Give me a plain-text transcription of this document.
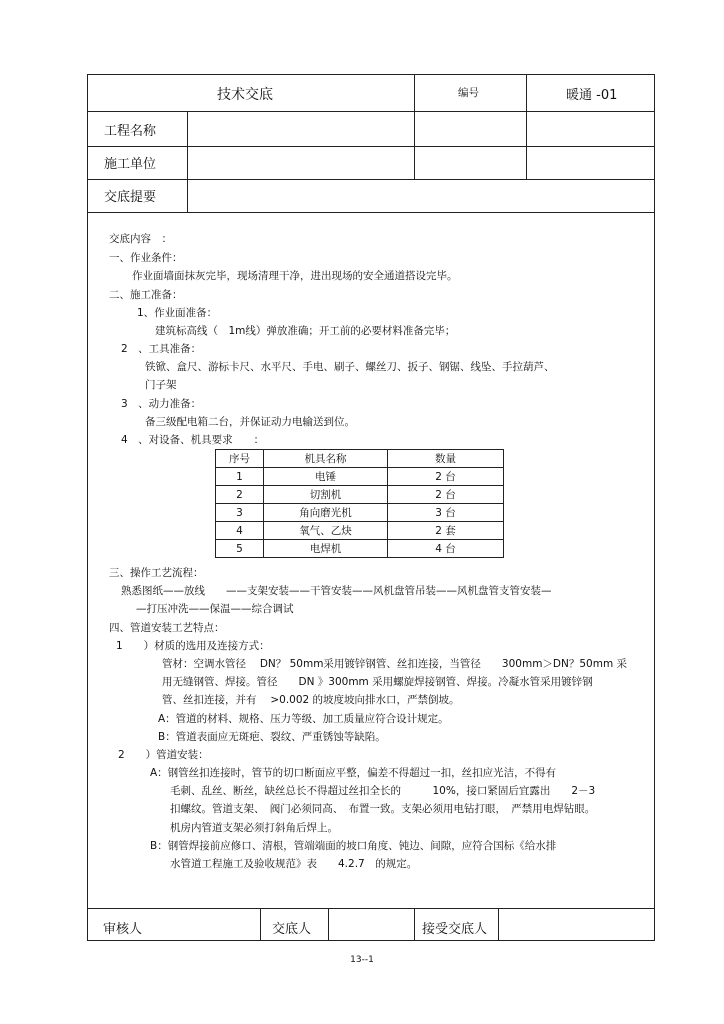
技术交底	编号	暖通 -01
工程名称
施工单位
交底提要
交底内容　：
一、作业条件：
作业面墙面抹灰完毕，现场清理干净，进出现场的安全通道搭设完毕。
二、施工准备：
1、作业面准备：
建筑标高线（　1m线）弹放准确；开工前的必要材料准备完毕；
2　、工具准备：
铁锨、盒尺、游标卡尺、水平尺、手电、刷子、螺丝刀、扳子、钢锯、线坠、手拉葫芦、
门子架
3　、动力准备：
备三级配电箱二台，并保证动力电输送到位。
4　、对设备、机具要求　　：
序号	机具名称	数量
1	电锤	2 台
2	切割机	2 台
3	角向磨光机	3 台
4	氧气、乙炔	2 套
5	电焊机	4 台
三、操作工艺流程：
熟悉图纸——放线　　——支架安装——干管安装——风机盘管吊装——风机盘管支管安装—
—打压冲洗——保温——综合调试
四、管道安装工艺特点：
1　　）材质的选用及连接方式：
管材：空调水管径　 DN？ 50mm采用镀锌钢管、丝扣连接，当管径　　300mm＞DN？50mm 采
用无缝钢管、焊接。管径　　DN 》300mm 采用螺旋焊接钢管、焊接。冷凝水管采用镀锌钢
管、丝扣连接，并有　 >0.002 的坡度坡向排水口，严禁倒坡。
A：管道的材料、规格、压力等级、加工质量应符合设计规定。
B：管道表面应无斑疤、裂纹、严重锈蚀等缺陷。
2　　）管道安装：
A：钢管丝扣连接时，管节的切口断面应平整，偏差不得超过一扣，丝扣应光洁，不得有
毛刺、乱丝、断丝，缺丝总长不得超过丝扣全长的　　　10%，接口紧固后宜露出　　2－3
扣螺纹。管道支架、　阀门必须同高、　布置一致。支架必须用电钻打眼，　严禁用电焊钻眼。
机房内管道支架必须打斜角后焊上。
B：钢管焊接前应修口、清根，管端端面的坡口角度、钝边、间隙，应符合国标《给水排
水管道工程施工及验收规范》表　　4.2.7　的规定。
审核人	交底人	接受交底人
13--1
